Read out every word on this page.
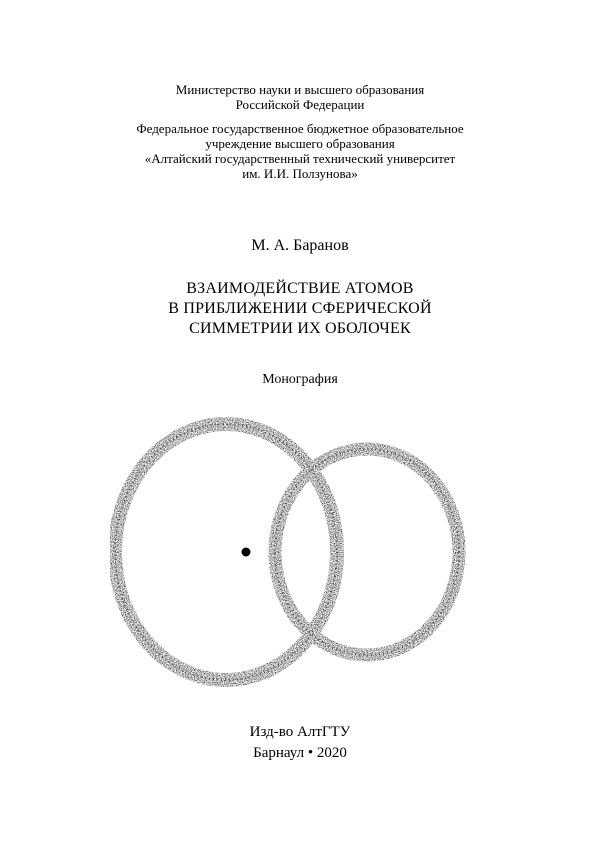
Министерство науки и высшего образования
Российской Федерации
Федеральное государственное бюджетное образовательное
учреждение высшего образования
«Алтайский государственный технический университет
им. И.И. Ползунова»
М. А. Баранов
ВЗАИМОДЕЙСТВИЕ АТОМОВ
В ПРИБЛИЖЕНИИ СФЕРИЧЕСКОЙ
СИММЕТРИИ ИХ ОБОЛОЧЕК
Монография
Изд-во АлтГТУ
Барнаул • 2020
